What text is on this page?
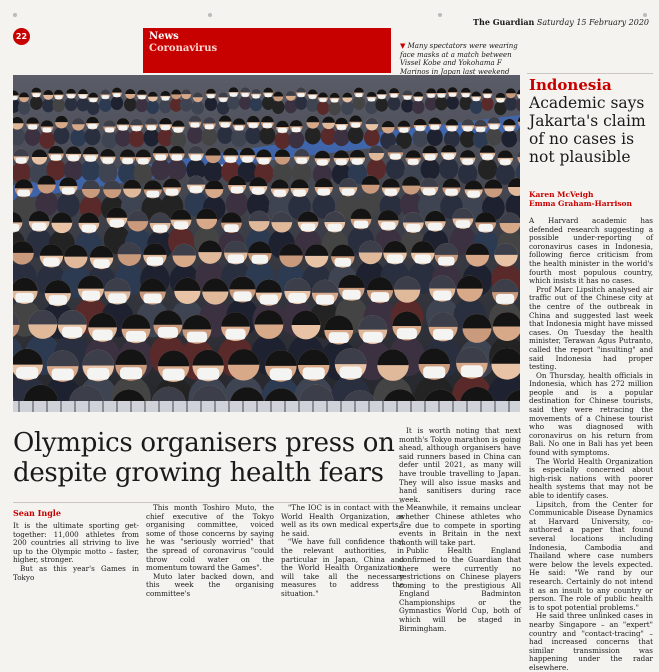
The Guardian Saturday 15 February 2020
22	News
Coronavirus	▼ Many spectators were wearing face masks at a match between Vissel Kobe and Yokohama F Marinos in Japan last weekend
Olympics organisers press on despite growing health fears
Sean Ingle
It is the ultimate sporting get-together: 11,000 athletes from 200 countries all striving to live up to the Olympic motto – faster, higher, stronger.
But as this year's Games in Tokyo
This month Toshiro Muto, the chief executive of the Tokyo organising committee, voiced some of those concerns by saying he was "seriously worried" that the spread of coronavirus "could throw cold water on the momentum toward the Games".
Muto later backed down, and this week the organising committee's
"The IOC is in contact with the World Health Organization, as well as its own medical experts," he said.
"We have full confidence that the relevant authorities, in particular in Japan, China and the World Health Organization, will take all the necessary measures to address the situation."
It is worth noting that next month's Tokyo marathon is going ahead, although organisers have said runners based in China can defer until 2021, as many will have trouble travelling to Japan. They will also issue masks and hand sanitisers during race week.
Meanwhile, it remains unclear whether Chinese athletes who are due to compete in sporting events in Britain in the next month will take part.
Public Health England confirmed to the Guardian that there were currently no restrictions on Chinese players coming to the prestigious All England Badminton Championships or the Gymnastics World Cup, both of which will be staged in Birmingham.
Indonesia
Academic says Jakarta's claim of no cases is not plausible
Karen McVeigh
Emma Graham-Harrison
A Harvard academic has defended research suggesting a possible under-reporting of coronavirus cases in Indonesia, following fierce criticism from the health minister in the world's fourth most populous country, which insists it has no cases.
Prof Marc Lipsitch analysed air traffic out of the Chinese city at the centre of the outbreak in China and suggested last week that Indonesia might have missed cases. On Tuesday the health minister, Terawan Agus Putranto, called the report "insulting" and said Indonesia had proper testing.
On Thursday, health officials in Indonesia, which has 272 million people and is a popular destination for Chinese tourists, said they were retracing the movements of a Chinese tourist who was diagnosed with coronavirus on his return from Bali. No one in Bali has yet been found with symptoms.
The World Health Organization is especially concerned about high-risk nations with poorer health systems that may not be able to identify cases.
Lipsitch, from the Center for Communicable Disease Dynamics at Harvard University, co-authored a paper that found several locations including Indonesia, Cambodia and Thailand where case numbers were below the levels expected. He said: "We rand by our research. Certainly do not intend it as an insult to any country or person. The role of public health is to spot potential problems."
He said three unlinked cases in nearby Singapore – an "expert" country and "contact-tracing" – had increased concerns that similar transmission was happening under the radar elsewhere.
